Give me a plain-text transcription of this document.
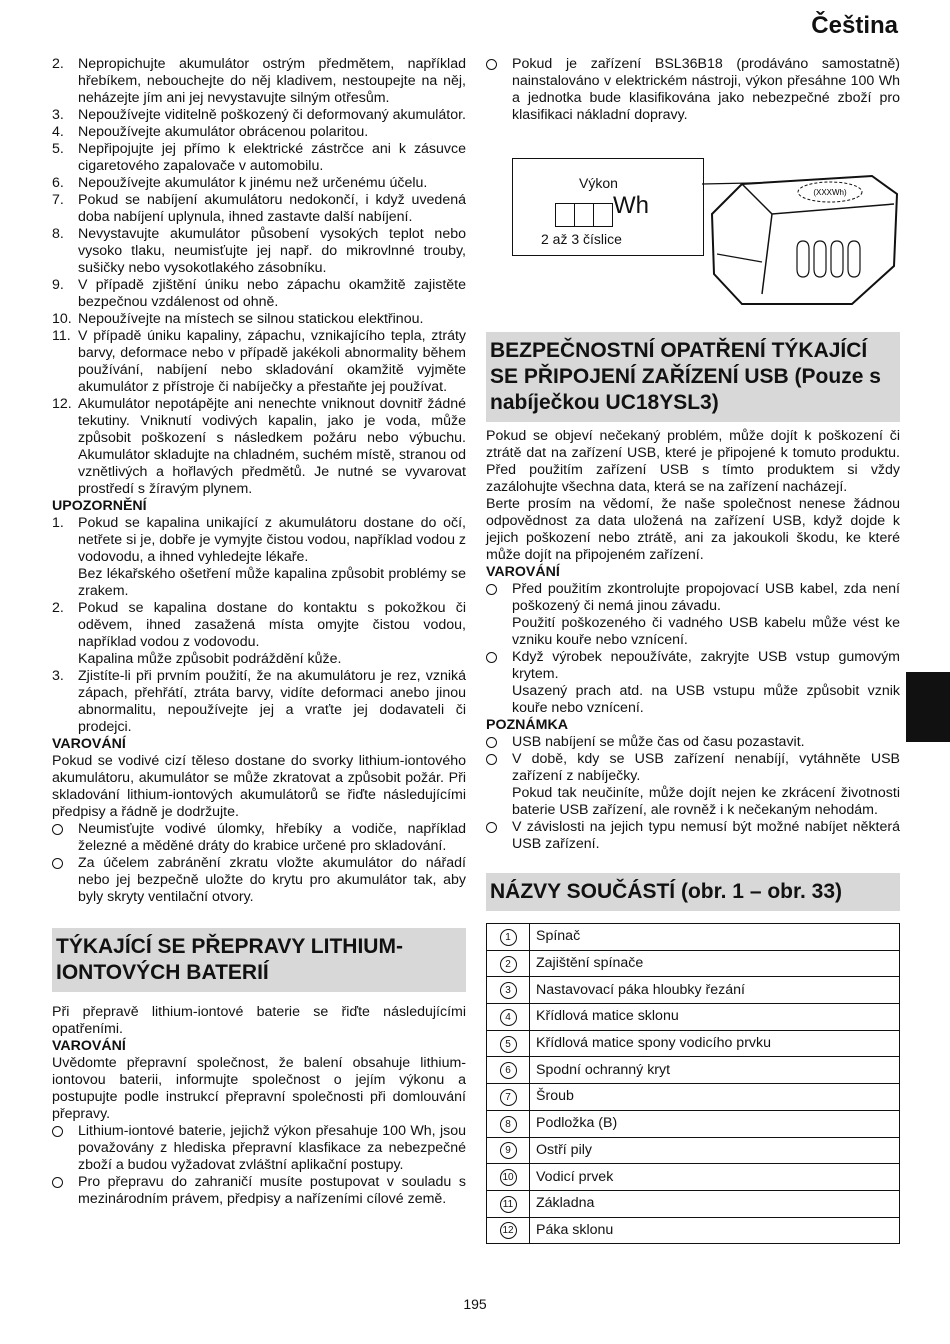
Čeština
2. Nepropichujte akumulátor ostrým předmětem, například hřebíkem, nebouchejte do něj kladivem, nestoupejte na něj, neházejte jím ani jej nevystavujte silným otřesům.
3. Nepoužívejte viditelně poškozený či deformovaný akumulátor.
4. Nepoužívejte akumulátor obrácenou polaritou.
5. Nepřipojujte jej přímo k elektrické zástrčce ani k zásuvce cigaretového zapalovače v automobilu.
6. Nepoužívejte akumulátor k jinému než určenému účelu.
7. Pokud se nabíjení akumulátoru nedokončí, i když uvedená doba nabíjení uplynula, ihned zastavte další nabíjení.
8. Nevystavujte akumulátor působení vysokých teplot nebo vysoko tlaku, neumisťujte jej např. do mikrovlnné trouby, sušičky nebo vysokotlakého zásobníku.
9. V případě zjištění úniku nebo zápachu okamžitě zajistěte bezpečnou vzdálenost od ohně.
10. Nepoužívejte na místech se silnou statickou elektřinou.
11. V případě úniku kapaliny, zápachu, vznikajícího tepla, ztráty barvy, deformace nebo v případě jakékoli abnormality během používání, nabíjení nebo skladování okamžitě vyjměte akumulátor z přístroje či nabíječky a přestaňte jej používat.
12. Akumulátor nepotápějte ani nenechte vniknout dovnitř žádné tekutiny. Vniknutí vodivých kapalin, jako je voda, může způsobit poškození s následkem požáru nebo výbuchu. Akumulátor skladujte na chladném, suchém místě, stranou od vznětlivých a hořlavých předmětů. Je nutné se vyvarovat prostředí s žíravým plynem.

UPOZORNĚNÍ

1. Pokud se kapalina unikající z akumulátoru dostane do očí, netřete si je, dobře je vymyjte čistou vodou, například vodou z vodovodu, a ihned vyhledejte lékaře.
Bez lékařského ošetření může kapalina způsobit problémy se zrakem.
2. Pokud se kapalina dostane do kontaktu s pokožkou či oděvem, ihned zasažená místa omyjte čistou vodou, například vodou z vodovodu.
Kapalina může způsobit podráždění kůže.
3. Zjistíte-li při prvním použití, že na akumulátoru je rez, vzniká zápach, přehřátí, ztráta barvy, vidíte deformaci anebo jinou abnormalitu, nepoužívejte jej a vraťte jej dodavateli či prodejci.

VAROVÁNÍ

Pokud se vodivé cizí těleso dostane do svorky lithium-iontového akumulátoru, akumulátor se může zkratovat a způsobit požár. Při skladování lithium-iontových akumulátorů se řiďte následujícími předpisy a řádně je dodržujte.

Neumisťujte vodivé úlomky, hřebíky a vodiče, například železné a měděné dráty do krabice určené pro skladování.
Za účelem zabránění zkratu vložte akumulátor do nářadí nebo jej bezpečně uložte do krytu pro akumulátor tak, aby byly skryty ventilační otvory.
TÝKAJÍCÍ SE PŘEPRAVY LITHIUM-IONTOVÝCH BATERIÍ

Při přepravě lithium-iontové baterie se řiďte následujícími opatřeními.

VAROVÁNÍ

Uvědomte přepravní společnost, že balení obsahuje lithium-iontovou baterii, informujte společnost o jejím výkonu a postupujte podle instrukcí přepravní společnosti při domlouvání přepravy.

Lithium-iontové baterie, jejichž výkon přesahuje 100 Wh, jsou považovány z hlediska přepravní klasfikace za nebezpečné zboží a budou vyžadovat zvláštní aplikační postupy.
Pro přepravu do zahraničí musíte postupovat v souladu s mezinárodním právem, předpisy a nařízeními cílové země.
Pokud je zařízení BSL36B18 (prodáváno samostatně) nainstalováno v elektrickém nástroji, výkon přesáhne 100 Wh a jednotka bude klasifikována jako nebezpečné zboží pro klasifikaci nákladní dopravy.
Výkon
Wh
2 až 3 číslice
(XXXWh)
BEZPEČNOSTNÍ OPATŘENÍ TÝKAJÍCÍ SE PŘIPOJENÍ ZAŘÍZENÍ USB (Pouze s nabíječkou UC18YSL3)

Pokud se objeví nečekaný problém, může dojít k poškození či ztrátě dat na zařízení USB, které je připojené k tomuto produktu. Před použitím zařízení USB s tímto produktem si vždy zazálohujte všechna data, která se na zařízení nacházejí.

Berte prosím na vědomí, že naše společnost nenese žádnou odpovědnost za data uložená na zařízení USB, když dojde k jejich poškození nebo ztrátě, ani za jakoukoli škodu, ke které může dojít na připojeném zařízení.

VAROVÁNÍ

Před použitím zkontrolujte propojovací USB kabel, zda není poškozený či nemá jinou závadu.
Použití poškozeného či vadného USB kabelu může vést ke vzniku kouře nebo vznícení.
Když výrobek nepoužíváte, zakryjte USB vstup gumovým krytem.
Usazený prach atd. na USB vstupu může způsobit vznik kouře nebo vznícení.

POZNÁMKA

USB nabíjení se může čas od času pozastavit.
V době, kdy se USB zařízení nenabíjí, vytáhněte USB zařízení z nabíječky.
Pokud tak neučiníte, může dojít nejen ke zkrácení životnosti baterie USB zařízení, ale rovněž i k nečekaným nehodám.
V závislosti na jejich typu nemusí být možné nabíjet některá USB zařízení.
NÁZVY SOUČÁSTÍ (obr. 1 – obr. 33)
1	Spínač
2	Zajištění spínače
3	Nastavovací páka hloubky řezání
4	Křídlová matice sklonu
5	Křídlová matice spony vodicího prvku
6	Spodní ochranný kryt
7	Šroub
8	Podložka (B)
9	Ostří pily
10	Vodicí prvek
11	Základna
12	Páka sklonu
195
